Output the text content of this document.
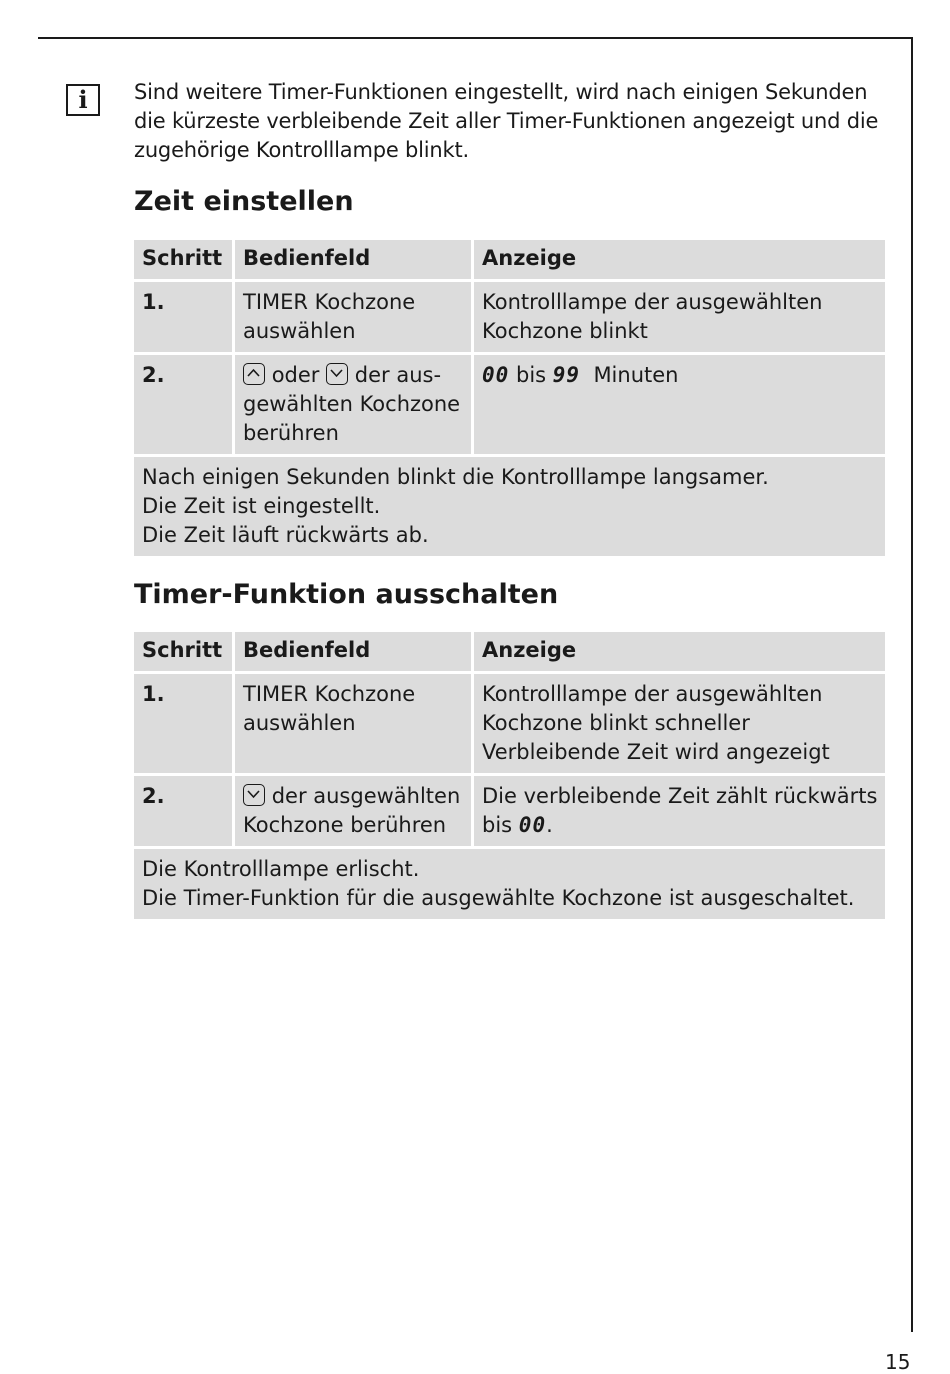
i Sind weitere Timer-Funktionen eingestellt, wird nach einigen Sekunden die kürzeste verbleibende Zeit aller Timer-Funktionen angezeigt und die zugehörige Kontrolllampe blinkt.
Zeit einstellen
Schritt	Bedienfeld	Anzeige
1.	TIMER Kochzone auswählen	Kontrolllampe der ausgewählten Kochzone blinkt
2.	oder der aus-gewählten Kochzone berühren	00 bis 99 Minuten

Nach einigen Sekunden blinkt die Kontrolllampe langsamer.
Die Zeit ist eingestellt.
Die Zeit läuft rückwärts ab.		
Timer-Funktion ausschalten
Schritt	Bedienfeld	Anzeige
1.	TIMER Kochzone auswählen	Kontrolllampe der ausgewählten Kochzone blinkt schneller Verbleibende Zeit wird angezeigt
2.	der ausgewählten Kochzone berühren	Die verbleibende Zeit zählt rückwärts bis 00.

Die Kontrolllampe erlischt.
Die Timer-Funktion für die ausgewählte Kochzone ist ausgeschaltet.		
15
